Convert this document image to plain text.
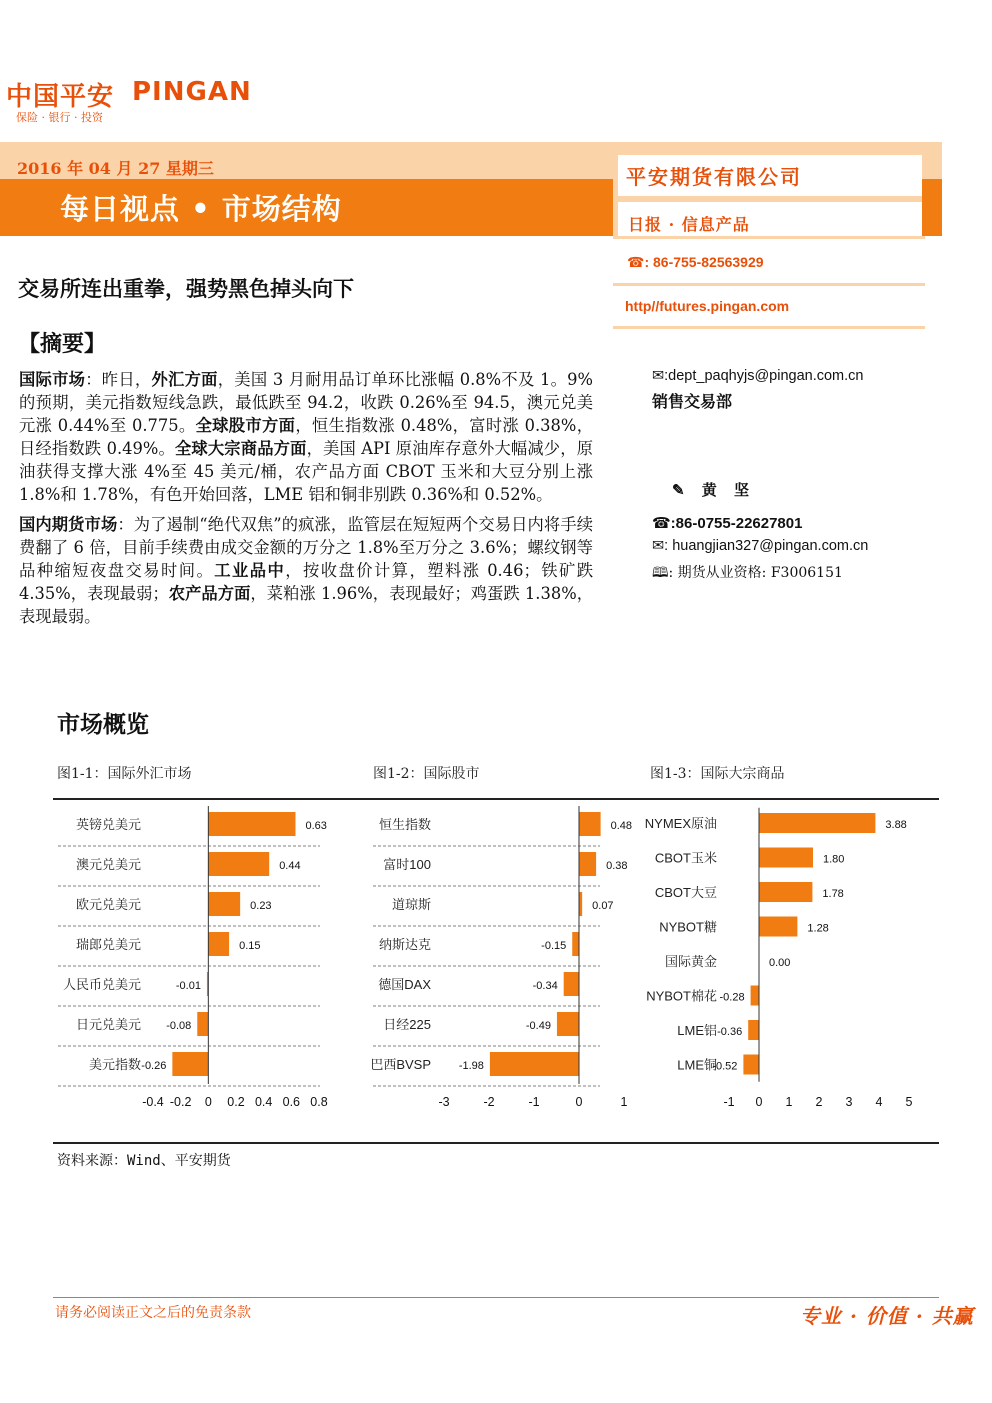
中国平安 PINGAN
保险 · 银行 · 投资
2016 年 04 月 27 星期三
每日视点 • 市场结构
平安期货有限公司
日报 · 信息产品
☎: 86-755-82563929
http//futures.pingan.com
✉:dept_paqhyjs@pingan.com.cn
销售交易部
✎ 黄 坚
☎:86-0755-22627801
✉: huangjian327@pingan.com.cn
🕮: 期货从业资格: F3006151
交易所连出重拳，强势黑色掉头向下
【摘要】
国际市场：昨日，外汇方面，美国 3 月耐用品订单环比涨幅 0.8%不及 1。9%的预期，美元指数短线急跌，最低跌至 94.2，收跌 0.26%至 94.5，澳元兑美元涨 0.44%至 0.775。全球股市方面，恒生指数涨 0.48%，富时涨 0.38%，日经指数跌 0.49%。全球大宗商品方面，美国 API 原油库存意外大幅减少，原油获得支撑大涨 4%至 45 美元/桶，农产品方面 CBOT 玉米和大豆分别上涨 1.8%和 1.78%，有色开始回落，LME 铝和铜非别跌 0.36%和 0.52%。
国内期货市场：为了遏制“绝代双焦”的疯涨，监管层在短短两个交易日内将手续费翻了 6 倍，目前手续费由成交金额的万分之 1.8%至万分之 3.6%；螺纹钢等品种缩短夜盘交易时间。工业品中，按收盘价计算，塑料涨 0.46；铁矿跌 4.35%，表现最弱；农产品方面，菜粕涨 1.96%，表现最好；鸡蛋跌 1.38%，表现最弱。
市场概览
图1-1：国际外汇市场	图1-2：国际股市	图1-3：国际大宗商品
英镑兑美元	0.63
澳元兑美元	0.44
欧元兑美元	0.23
瑞郎兑美元	0.15
人民币兑美元	-0.01
日元兑美元 -0.08
美元指数 -0.26
-0.4 -0.2 0 0.2 0.4 0.6 0.8
恒生指数	0.48
富时100	0.38
道琼斯	0.07
纳斯达克	-0.15
德国DAX	-0.34
日经225	-0.49
巴西BVSP	-1.98
-3	-2	-1	0	1
NYMEX原油	3.88
CBOT玉米	1.80
CBOT大豆	1.78
NYBOT糖	1.28
国际黄金	0.00
NYBOT棉花 -0.28
LME铝 -0.36
LME铜
-0.52
-1 0 1 2 3 4 5
资料来源：Wind、平安期货
请务必阅读正文之后的免责条款	专业 · 价值 · 共赢
